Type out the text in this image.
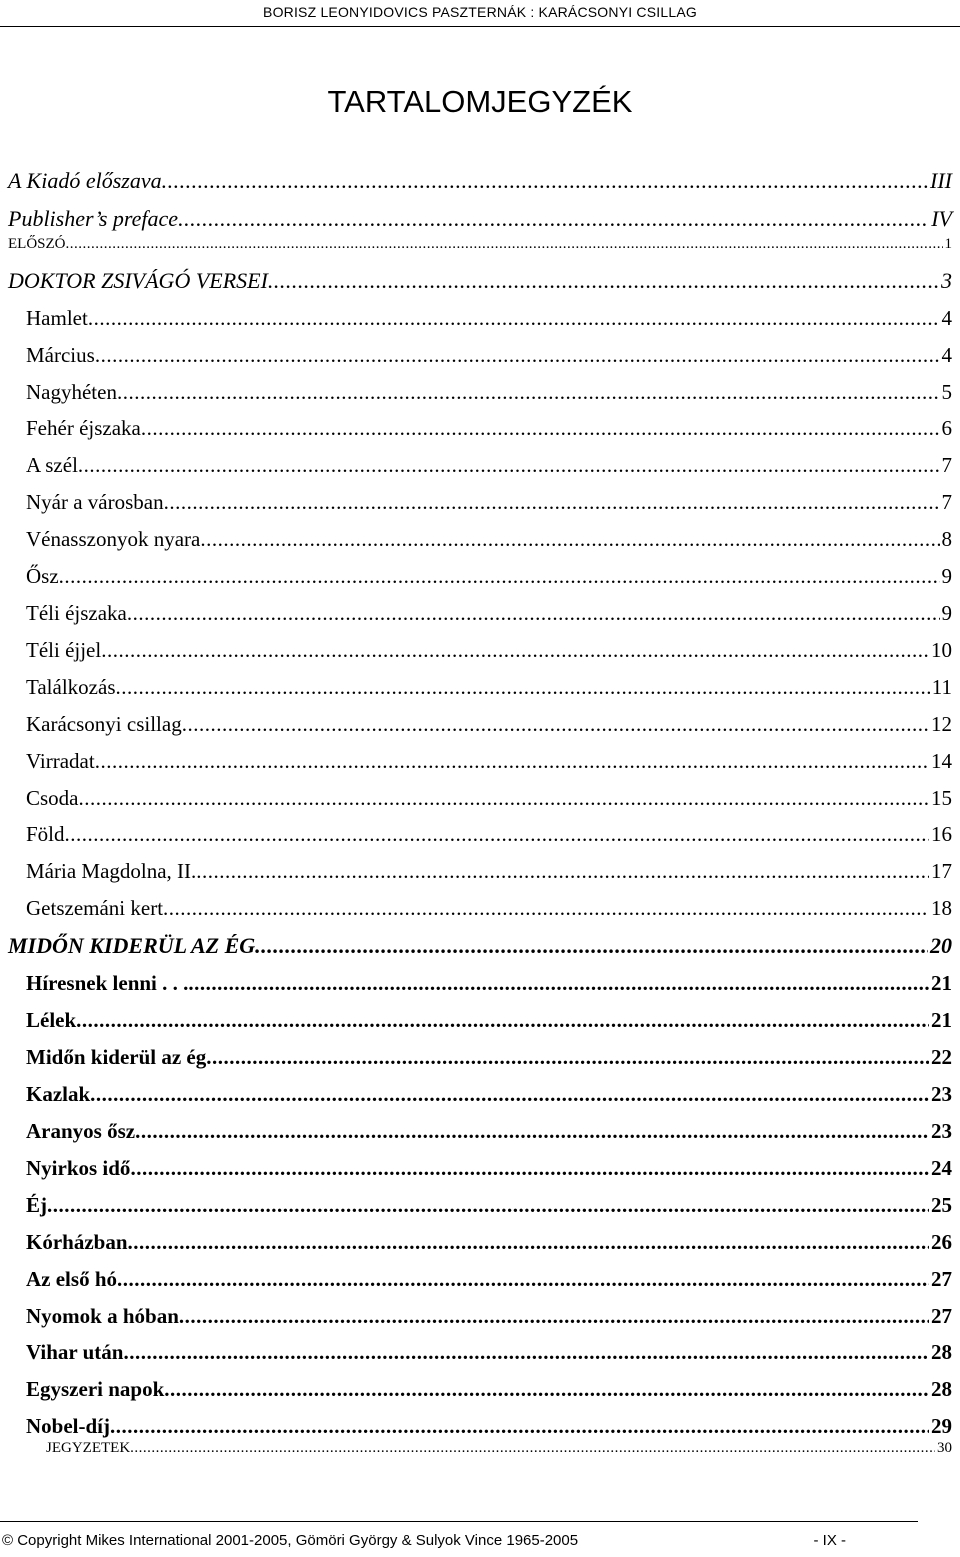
BORISZ LEONYIDOVICS PASZTERNÁK : KARÁCSONYI CSILLAG
TARTALOMJEGYZÉK
A Kiadó előszava .....	III
Publisher’s preface .....	IV
ELŐSZÓ .....	1
DOKTOR ZSIVÁGÓ VERSEI .....	3
Hamlet .....	4
Március .....	4
Nagyhéten .....	5
Fehér éjszaka .....	6
A szél .....	7
Nyár a városban .....	7
Vénasszonyok nyara .....	8
Ősz .....	9
Téli éjszaka .....	9
Téli éjjel .....	10
Találkozás .....	11
Karácsonyi csillag .....	12
Virradat .....	14
Csoda .....	15
Föld .....	16
Mária Magdolna, II. .....	17
Getszemáni kert .....	18
MIDŐN KIDERÜL AZ ÉG .....	20
Híresnek lenni . . . .....	21
Lélek .....	21
Midőn kiderül az ég .....	22
Kazlak .....	23
Aranyos ősz .....	23
Nyirkos idő .....	24
Éj .....	25
Kórházban .....	26
Az első hó .....	27
Nyomok a hóban .....	27
Vihar után .....	28
Egyszeri napok .....	28
Nobel-díj .....	29
JEGYZETEK .....	30
© Copyright Mikes International 2001-2005, Gömöri György & Sulyok Vince 1965-2005	- IX -
